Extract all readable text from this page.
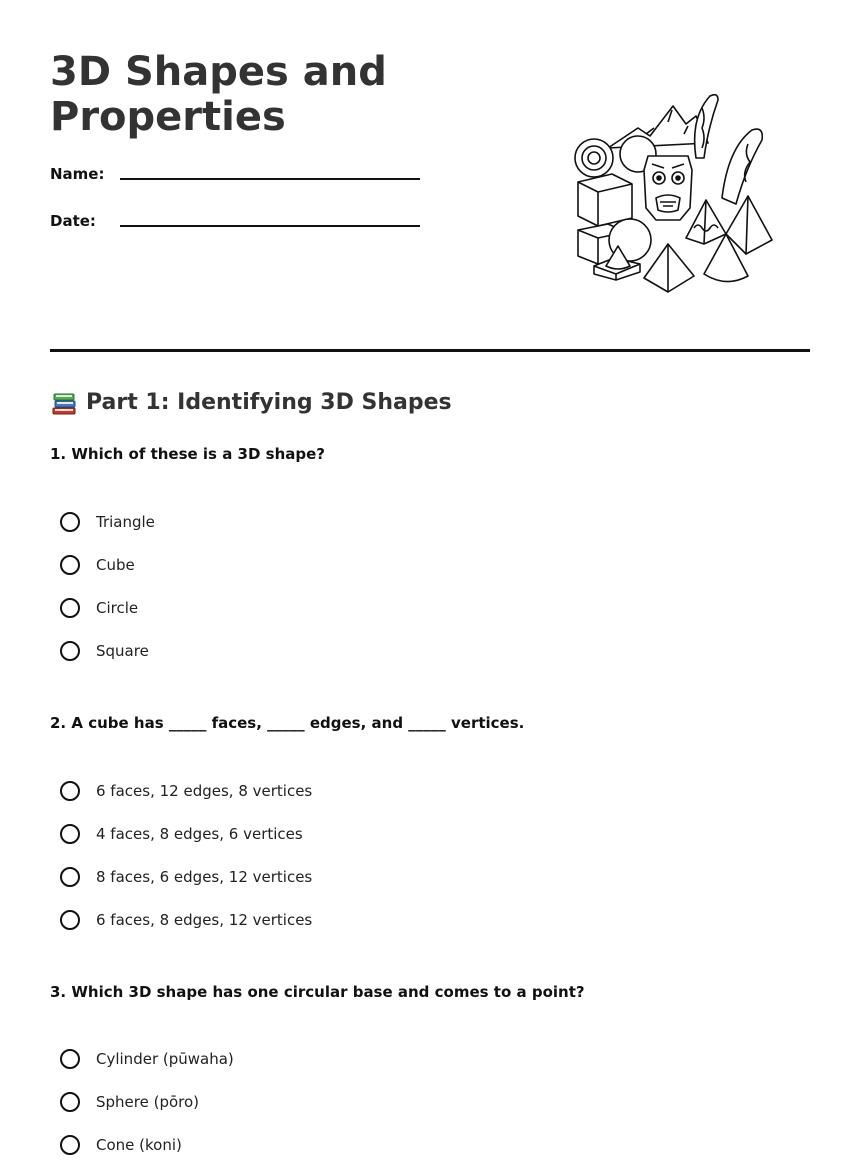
3D Shapes and Properties
Name:
Date:
Part 1: Identifying 3D Shapes

1. Which of these is a 3D shape?

Triangle
Cube
Circle
Square

2. A cube has _____ faces, _____ edges, and _____ vertices.

6 faces, 12 edges, 8 vertices
4 faces, 8 edges, 6 vertices
8 faces, 6 edges, 12 vertices
6 faces, 8 edges, 12 vertices

3. Which 3D shape has one circular base and comes to a point?

Cylinder (pūwaha)
Sphere (pōro)
Cone (koni)
